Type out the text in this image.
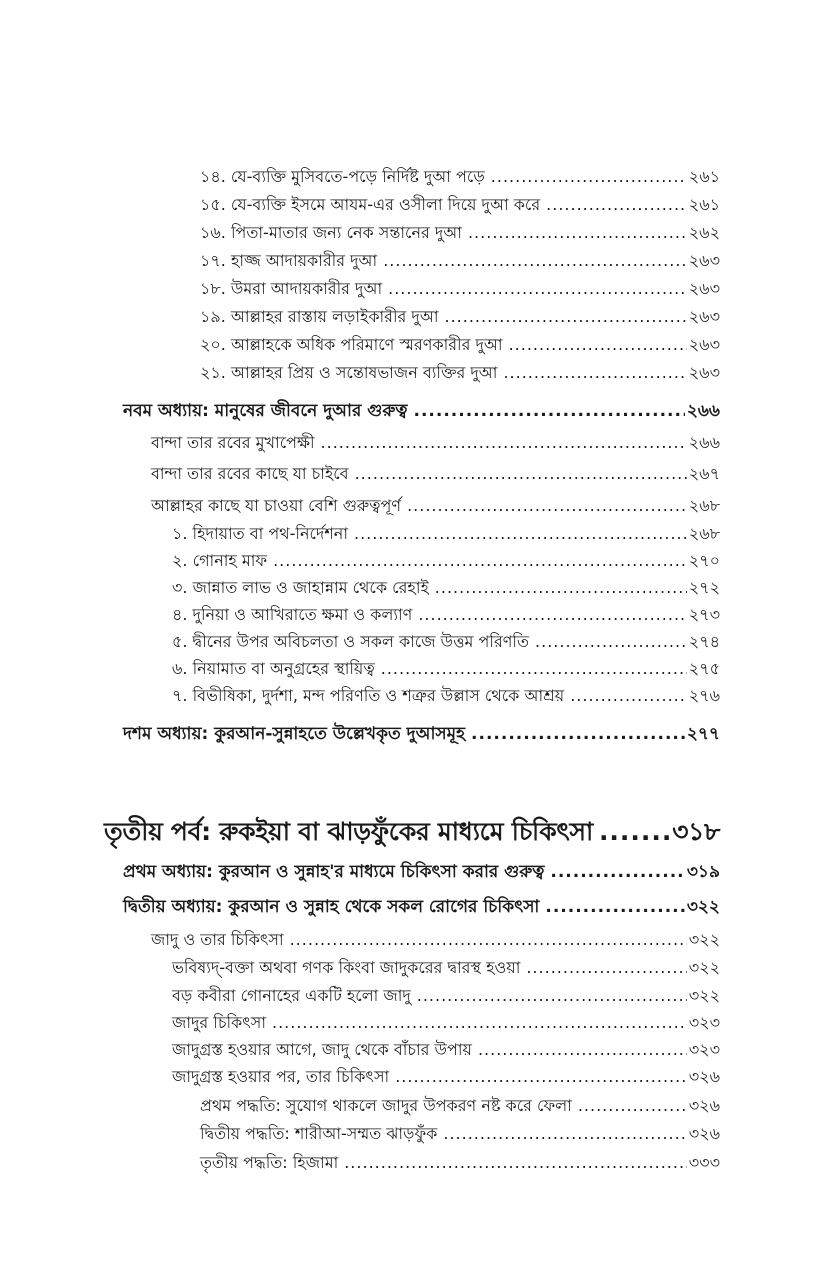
১৪. যে-ব্যক্তি মুসিবতে-পড়ে নির্দিষ্ট দুআ পড়ে .....	২৬১
১৫. যে-ব্যক্তি ইসমে আযম-এর ওসীলা দিয়ে দুআ করে .....	২৬১
১৬. পিতা-মাতার জন্য নেক সন্তানের দুআ .....	২৬২
১৭. হাজ্জ আদায়কারীর দুআ .....	২৬৩
১৮. উমরা আদায়কারীর দুআ .....	২৬৩
১৯. আল্লাহর রাস্তায় লড়াইকারীর দুআ .....	২৬৩
২০. আল্লাহকে অধিক পরিমাণে স্মরণকারীর দুআ .....	২৬৩
২১. আল্লাহর প্রিয় ও সন্তোষভাজন ব্যক্তির দুআ .....	২৬৩
নবম অধ্যায়: মানুষের জীবনে দুআর গুরুত্ব .....	২৬৬
বান্দা তার রবের মুখাপেক্ষী .....	২৬৬
বান্দা তার রবের কাছে যা চাইবে .....	২৬৭
আল্লাহর কাছে যা চাওয়া বেশি গুরুত্বপূর্ণ .....	২৬৮
১. হিদায়াত বা পথ-নির্দেশনা .....	২৬৮
২. গোনাহ মাফ .....	২৭০
৩. জান্নাত লাভ ও জাহান্নাম থেকে রেহাই .....	২৭২
৪. দুনিয়া ও আখিরাতে ক্ষমা ও কল্যাণ .....	২৭৩
৫. দ্বীনের উপর অবিচলতা ও সকল কাজে উত্তম পরিণতি .....	২৭৪
৬. নিয়ামাত বা অনুগ্রহের স্থায়িত্ব .....	২৭৫
৭. বিভীষিকা, দুর্দশা, মন্দ পরিণতি ও শত্রুর উল্লাস থেকে আশ্রয় .....	২৭৬
দশম অধ্যায়: কুরআন-সুন্নাহতে উল্লেখকৃত দুআসমূহ .....	২৭৭
তৃতীয় পর্ব: রুকইয়া বা ঝাড়ফুঁকের মাধ্যমে চিকিৎসা .....	৩১৮
প্রথম অধ্যায়: কুরআন ও সুন্নাহ'র মাধ্যমে চিকিৎসা করার গুরুত্ব .....	৩১৯
দ্বিতীয় অধ্যায়: কুরআন ও সুন্নাহ থেকে সকল রোগের চিকিৎসা .....	৩২২
জাদু ও তার চিকিৎসা .....	৩২২
ভবিষ্যদ্‌-বক্তা অথবা গণক কিংবা জাদুকরের দ্বারস্থ হওয়া .....	৩২২
বড় কবীরা গোনাহের একটি হলো জাদু .....	৩২২
জাদুর চিকিৎসা .....	৩২৩
জাদুগ্রস্ত হওয়ার আগে, জাদু থেকে বাঁচার উপায় .....	৩২৩
জাদুগ্রস্ত হওয়ার পর, তার চিকিৎসা .....	৩২৬
প্রথম পদ্ধতি: সুযোগ থাকলে জাদুর উপকরণ নষ্ট করে ফেলা .....	৩২৬
দ্বিতীয় পদ্ধতি: শারীআ-সম্মত ঝাড়ফুঁক .....	৩২৬
তৃতীয় পদ্ধতি: হিজামা .....	৩৩৩
